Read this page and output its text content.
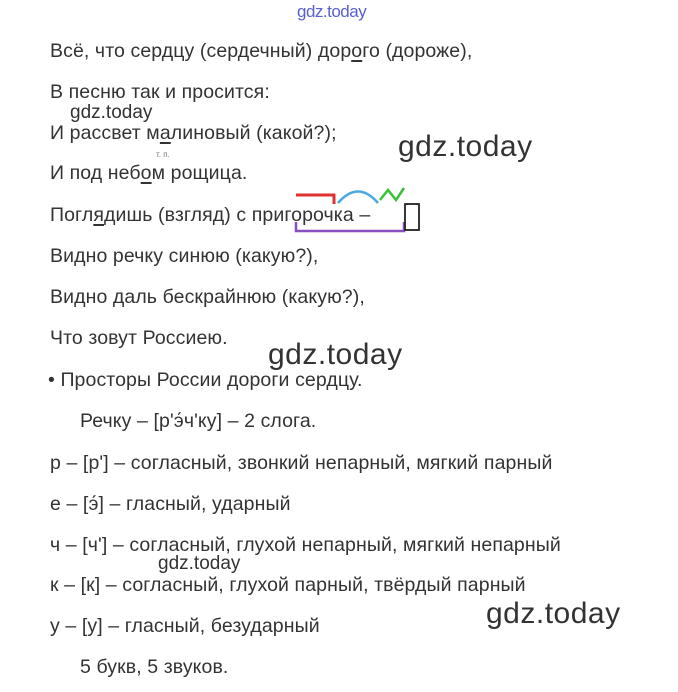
gdz.today
Всё, что сердцу (сердечный) дорого (дороже),
В песню так и просится:
И рассвет малиновый (какой?);
т. п.
И под небом рощица.
Поглядишь (взгляд) с пригорочка –
Видно речку синюю (какую?),
Видно даль бескрайнюю (какую?),
Что зовут Россиею.
• Просторы России дороги сердцу.
Речку – [р'э́ч'ку] – 2 слога.
р – [р'] – согласный, звонкий непарный, мягкий парный
е – [э́] – гласный, ударный
ч – [ч'] – согласный, глухой непарный, мягкий непарный
к – [к] – согласный, глухой парный, твёрдый парный
у – [у] – гласный, безударный
5 букв, 5 звуков.
gdz.today
gdz.today
gdz.today
gdz.today
gdz.today
